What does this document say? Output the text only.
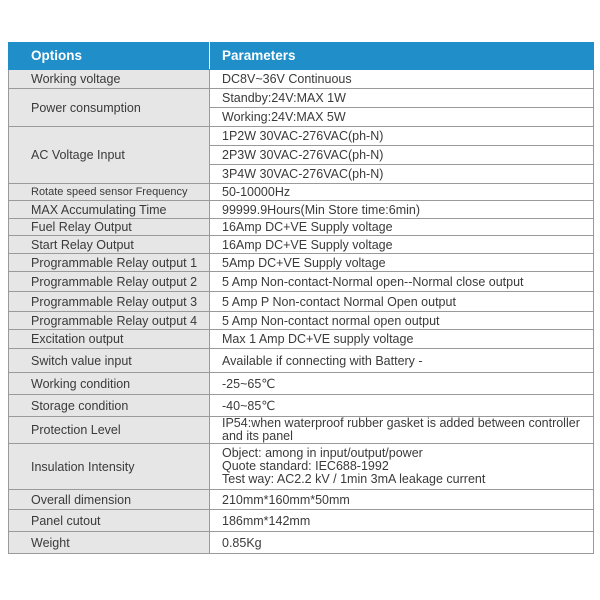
Options	Parameters
Working voltage	DC8V~36V Continuous
Power consumption	Standby:24V:MAX 1W
	Working:24V:MAX 5W
AC Voltage Input	1P2W 30VAC-276VAC(ph-N)
	2P3W 30VAC-276VAC(ph-N)
	3P4W 30VAC-276VAC(ph-N)
Rotate speed sensor Frequency	50-10000Hz
MAX Accumulating Time	99999.9Hours(Min Store time:6min)
Fuel Relay Output	16Amp DC+VE Supply voltage
Start Relay Output	16Amp DC+VE Supply voltage
Programmable Relay output 1	5Amp DC+VE Supply voltage
Programmable Relay output 2	5 Amp Non-contact-Normal open--Normal close output
Programmable Relay output 3	5 Amp P Non-contact Normal Open output
Programmable Relay output 4	5 Amp Non-contact normal open output
Excitation output	Max 1 Amp DC+VE supply voltage
Switch value input	Available if connecting with Battery -
Working condition	-25~65℃
Storage condition	-40~85℃
Protection Level	IP54:when waterproof rubber gasket is added between controller and its panel
Insulation Intensity	Object: among in input/output/power
Quote standard: IEC688-1992
Test way: AC2.2 kV / 1min 3mA leakage current

Overall dimension	210mm*160mm*50mm
Panel cutout	186mm*142mm
Weight	0.85Kg
